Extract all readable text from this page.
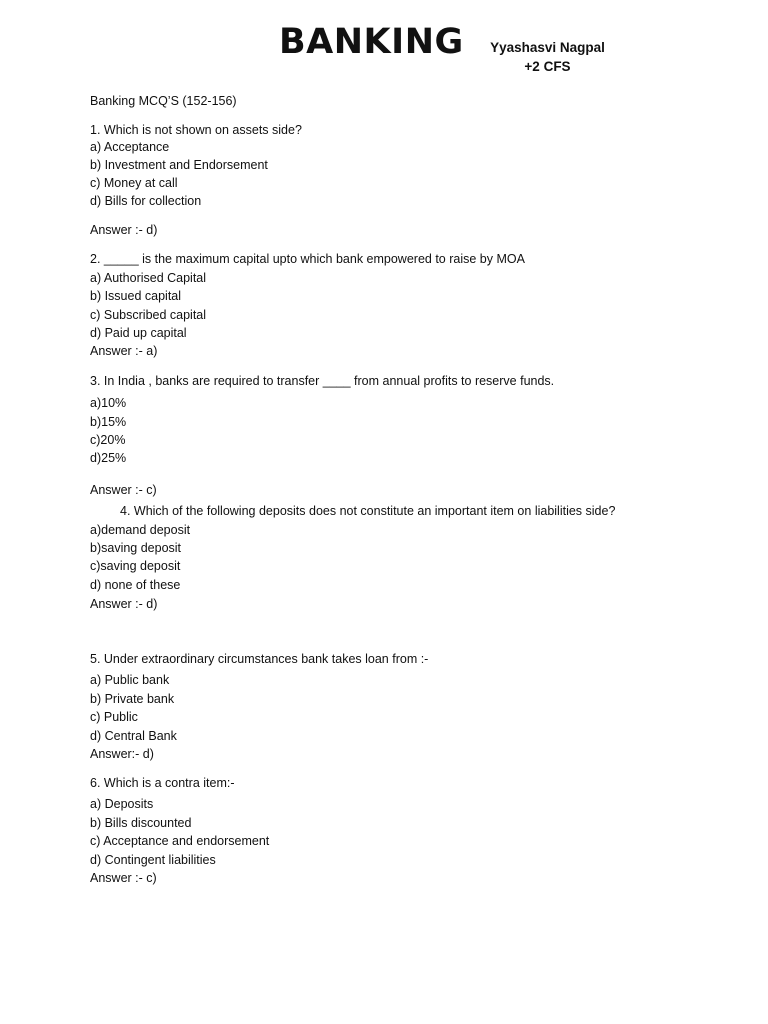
BANKING	Yyashasvi Nagpal
+2 CFS
Banking MCQ’S (152-156)
1. Which is not shown on assets side?
a) Acceptance
b) Investment and Endorsement
c) Money at call
d) Bills for collection
Answer :- d)
2. _____ is the maximum capital upto which bank empowered to raise by MOA
a) Authorised Capital
b) Issued capital
c) Subscribed capital
d) Paid up capital
Answer :- a)
3. In India , banks are required to transfer ____ from annual profits to reserve funds.
a)10%
b)15%
c)20%
d)25%
Answer :- c)
4. Which of the following deposits does not constitute an important item on liabilities side?
a)demand deposit
b)saving deposit
c)saving deposit
d) none of these
Answer :- d)
5. Under extraordinary circumstances bank takes loan from :-
a) Public bank
b) Private bank
c) Public
d) Central Bank
Answer:- d)
6. Which is a contra item:-
a) Deposits
b) Bills discounted
c) Acceptance and endorsement
d) Contingent liabilities
Answer :- c)
